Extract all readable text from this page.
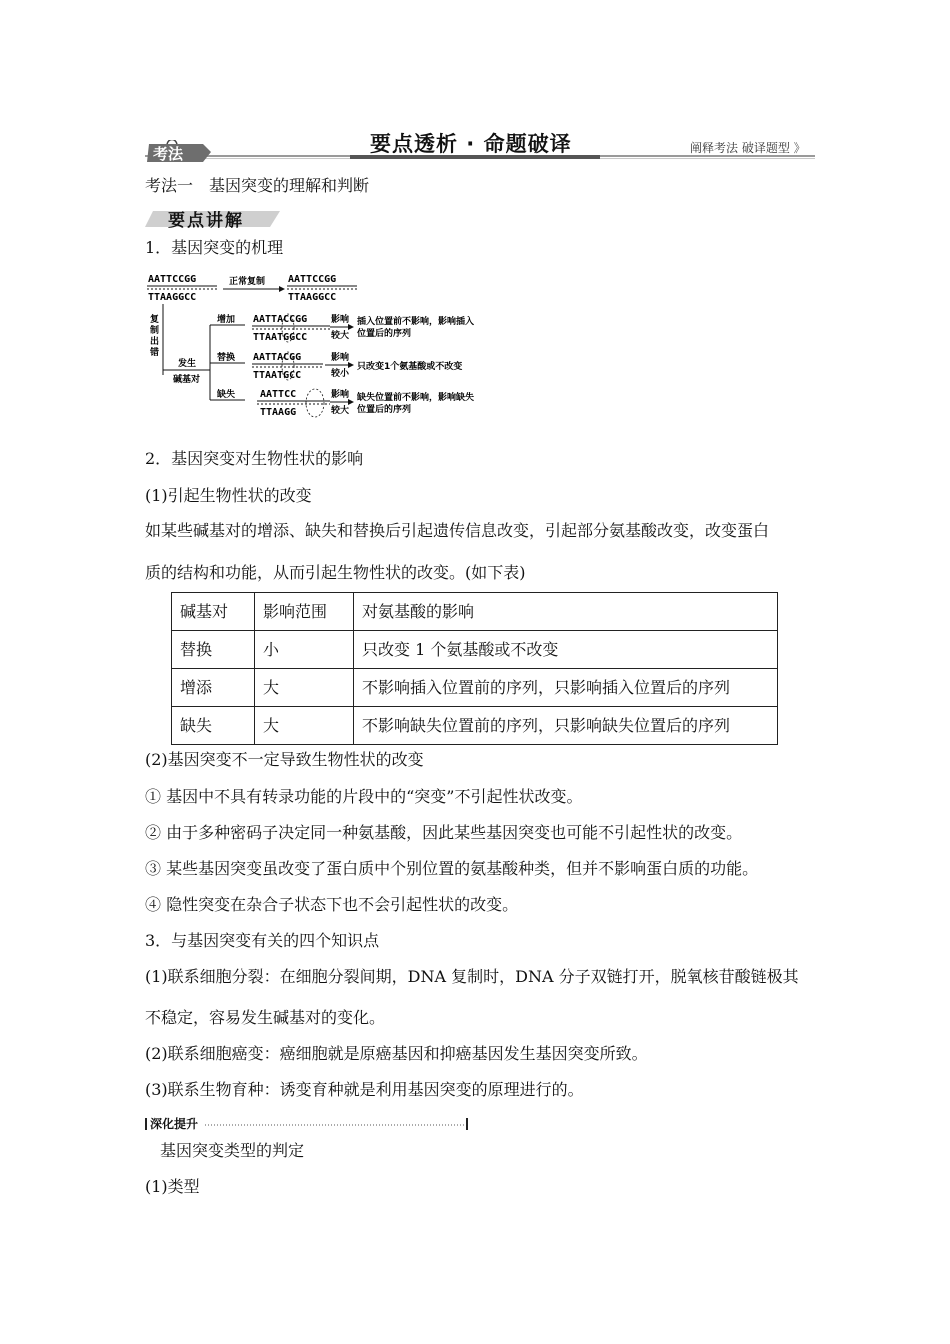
考法	要点透析 · 命题破译	阐释考法 破译题型 》
考法一　基因突变的理解和判断
要点讲解
1．基因突变的机理
AATTCCGG
TTAAGGCC
正常复制 AATTCCGG
TTAAGGCC
复制出错
发生
碱基对
增加
替换
缺失
AATTACCGG
TTAATGGCC
影响
较大
插入位置前不影响，影响插入
位置后的序列
AATTACGG
TTAATGCC
影响
较小
只改变1个氨基酸或不改变
AATTCC
TTAAGG
影响
较大
缺失位置前不影响，影响缺失
位置后的序列
2．基因突变对生物性状的影响
(1)引起生物性状的改变
如某些碱基对的增添、缺失和替换后引起遗传信息改变，引起部分氨基酸改变，改变蛋白
质的结构和功能，从而引起生物性状的改变。(如下表)
碱基对	影响范围	对氨基酸的影响
替换	小	只改变 1 个氨基酸或不改变
增添	大	不影响插入位置前的序列，只影响插入位置后的序列
缺失	大	不影响缺失位置前的序列，只影响缺失位置后的序列
(2)基因突变不一定导致生物性状的改变
① 基因中不具有转录功能的片段中的“突变”不引起性状改变。
② 由于多种密码子决定同一种氨基酸，因此某些基因突变也可能不引起性状的改变。
③ 某些基因突变虽改变了蛋白质中个别位置的氨基酸种类，但并不影响蛋白质的功能。
④ 隐性突变在杂合子状态下也不会引起性状的改变。
3．与基因突变有关的四个知识点
(1)联系细胞分裂：在细胞分裂间期，DNA 复制时，DNA 分子双链打开，脱氧核苷酸链极其
不稳定，容易发生碱基对的变化。
(2)联系细胞癌变：癌细胞就是原癌基因和抑癌基因发生基因突变所致。
(3)联系生物育种：诱变育种就是利用基因突变的原理进行的。
深化提升
基因突变类型的判定
(1)类型
